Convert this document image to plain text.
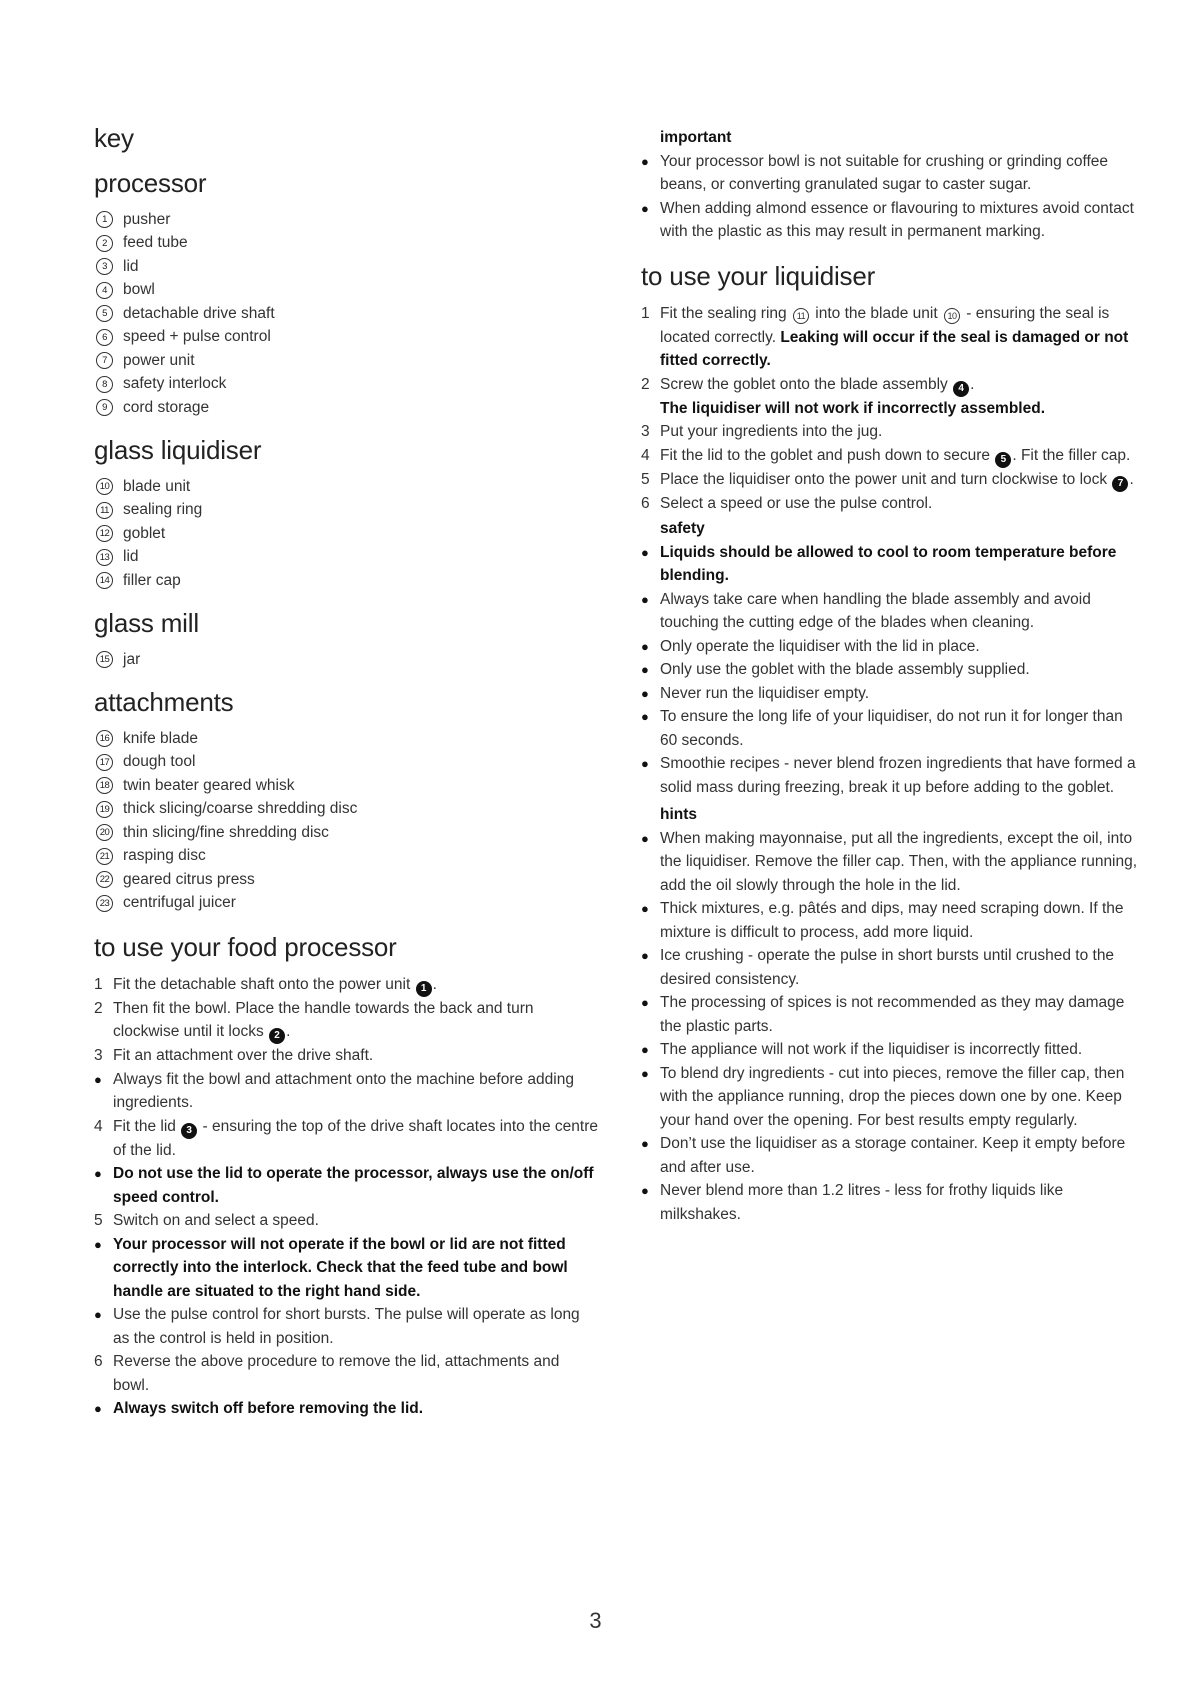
key
processor
1	pusher
2	feed tube
3	lid
4	bowl
5	detachable drive shaft
6	speed + pulse control
7	power unit
8	safety interlock
9	cord storage
glass liquidiser
10 blade unit
11 sealing ring
12 goblet
13 lid
14 filler cap
glass mill
15 jar
attachments
16 knife blade
17 dough tool
18 twin beater geared whisk
19 thick slicing/coarse shredding disc
20 thin slicing/fine shredding disc
21 rasping disc
22 geared citrus press
23 centrifugal juicer
to use your food processor
1 Fit the detachable shaft onto the power unit 1 .
2 Then fit the bowl. Place the handle towards the back and turn clockwise until it locks 2 .
3 Fit an attachment over the drive shaft.
●
Always fit the bowl and attachment onto the machine before adding ingredients.
4 Fit the lid 3 - ensuring the top of the drive shaft locates into the centre of the lid.
●
Do not use the lid to operate the processor, always use the on/off speed control.
5 Switch on and select a speed.
●
Your processor will not operate if the bowl or lid are not fitted correctly into the interlock. Check that the feed tube and bowl handle are situated to the right hand side.
●
Use the pulse control for short bursts. The pulse will operate as long as the control is held in position.
6 Reverse the above procedure to remove the lid, attachments and bowl.
●
Always switch off before removing the lid.
important
●
Your processor bowl is not suitable for crushing or grinding coffee beans, or converting granulated sugar to caster sugar.
●
When adding almond essence or flavouring to mixtures avoid contact with the plastic as this may result in permanent marking.
to use your liquidiser
1 Fit the sealing ring 11 into the blade unit 10 - ensuring the seal is located correctly. Leaking will occur if the seal is damaged or not fitted correctly.
2 Screw the goblet onto the blade assembly 4 .
The liquidiser will not work if incorrectly assembled.
3 Put your ingredients into the jug.
4 Fit the lid to the goblet and push down to secure 5 . Fit the filler cap.
5 Place the liquidiser onto the power unit and turn clockwise to lock 7 .
6 Select a speed or use the pulse control.
safety
●
Liquids should be allowed to cool to room temperature before blending.
●
Always take care when handling the blade assembly and avoid touching the cutting edge of the blades when cleaning.
●
Only operate the liquidiser with the lid in place.
●
Only use the goblet with the blade assembly supplied.
●
Never run the liquidiser empty.
●
To ensure the long life of your liquidiser, do not run it for longer than 60 seconds.
●
Smoothie recipes - never blend frozen ingredients that have formed a solid mass during freezing, break it up before adding to the goblet.
hints
●
When making mayonnaise, put all the ingredients, except the oil, into the liquidiser. Remove the filler cap. Then, with the appliance running, add the oil slowly through the hole in the lid.
●
Thick mixtures, e.g. pâtés and dips, may need scraping down. If the mixture is difficult to process, add more liquid.
●
Ice crushing - operate the pulse in short bursts until crushed to the desired consistency.
●
The processing of spices is not recommended as they may damage the plastic parts.
●
The appliance will not work if the liquidiser is incorrectly fitted.
●
To blend dry ingredients - cut into pieces, remove the filler cap, then with the appliance running, drop the pieces down one by one. Keep your hand over the opening. For best results empty regularly.
●
Don’t use the liquidiser as a storage container. Keep it empty before and after use.
●
Never blend more than 1.2 litres - less for frothy liquids like milkshakes.
3
